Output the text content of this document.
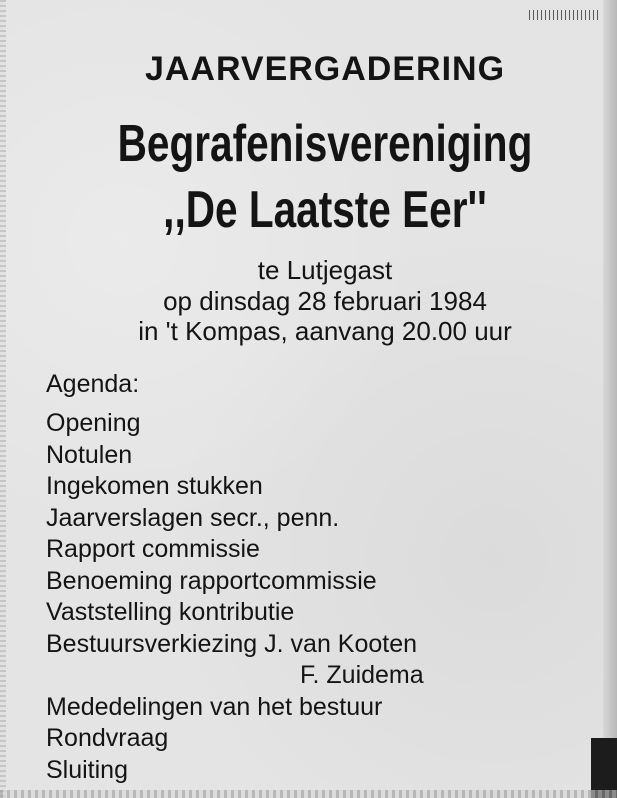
JAARVERGADERING
Begrafenisvereniging
,,De Laatste Eer''

te Lutjegast

op dinsdag 28 februari 1984

in 't Kompas, aanvang 20.00 uur

Agenda:

Opening
Notulen
Ingekomen stukken
Jaarverslagen secr., penn.
Rapport commissie
Benoeming rapportcommissie
Vaststelling kontributie
Bestuursverkiezing J. van Kooten
F. Zuidema
Mededelingen van het bestuur
Rondvraag
Sluiting
